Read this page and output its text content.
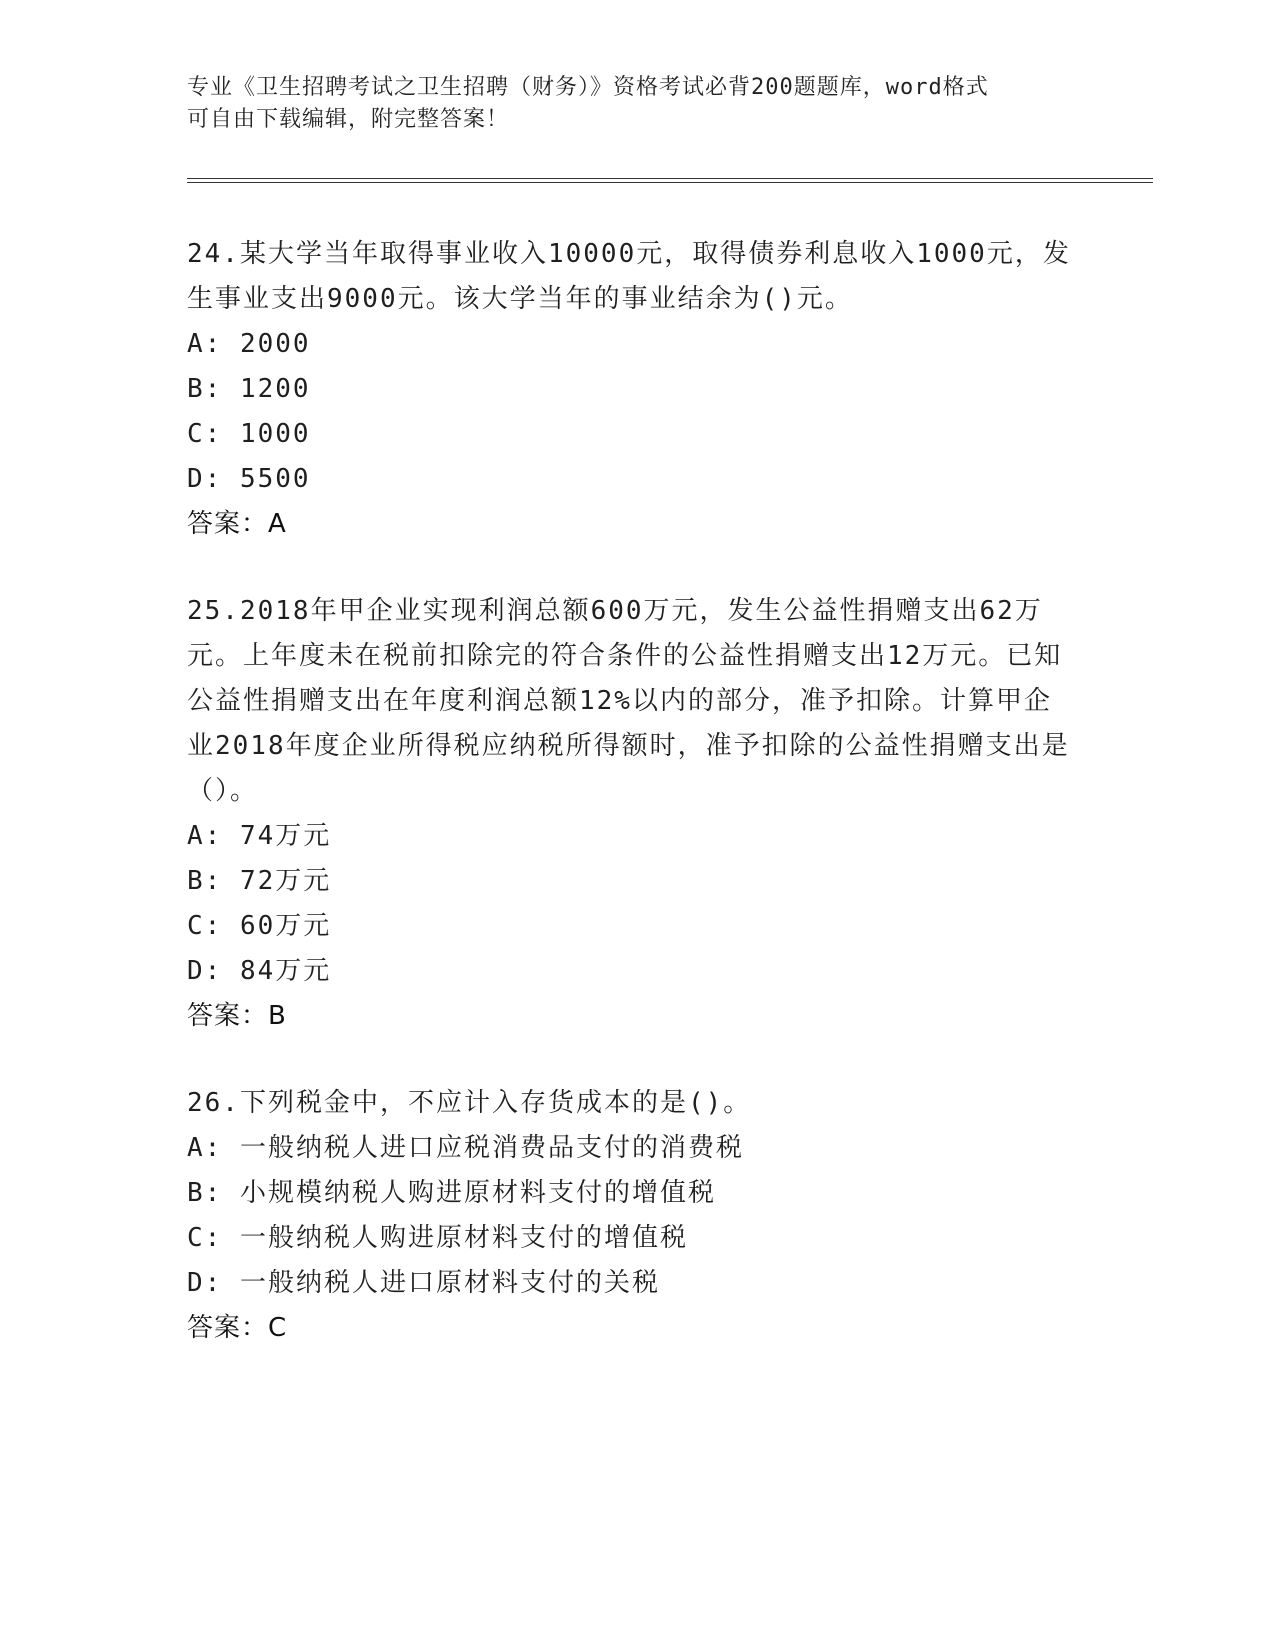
专业《卫生招聘考试之卫生招聘（财务）》资格考试必背200题题库，word格式
可自由下载编辑，附完整答案！

24.某大学当年取得事业收入10000元，取得债券利息收入1000元，发生事业支出9000元。该大学当年的事业结余为()元。

A: 2000

B: 1200

C: 1000

D: 5500

答案：A

25.2018年甲企业实现利润总额600万元，发生公益性捐赠支出62万元。上年度未在税前扣除完的符合条件的公益性捐赠支出12万元。已知公益性捐赠支出在年度利润总额12%以内的部分，准予扣除。计算甲企业2018年度企业所得税应纳税所得额时，准予扣除的公益性捐赠支出是（）。

A: 74万元

B: 72万元

C: 60万元

D: 84万元

答案：B

26.下列税金中，不应计入存货成本的是()。

A: 一般纳税人进口应税消费品支付的消费税

B: 小规模纳税人购进原材料支付的增值税

C: 一般纳税人购进原材料支付的增值税

D: 一般纳税人进口原材料支付的关税

答案：C
